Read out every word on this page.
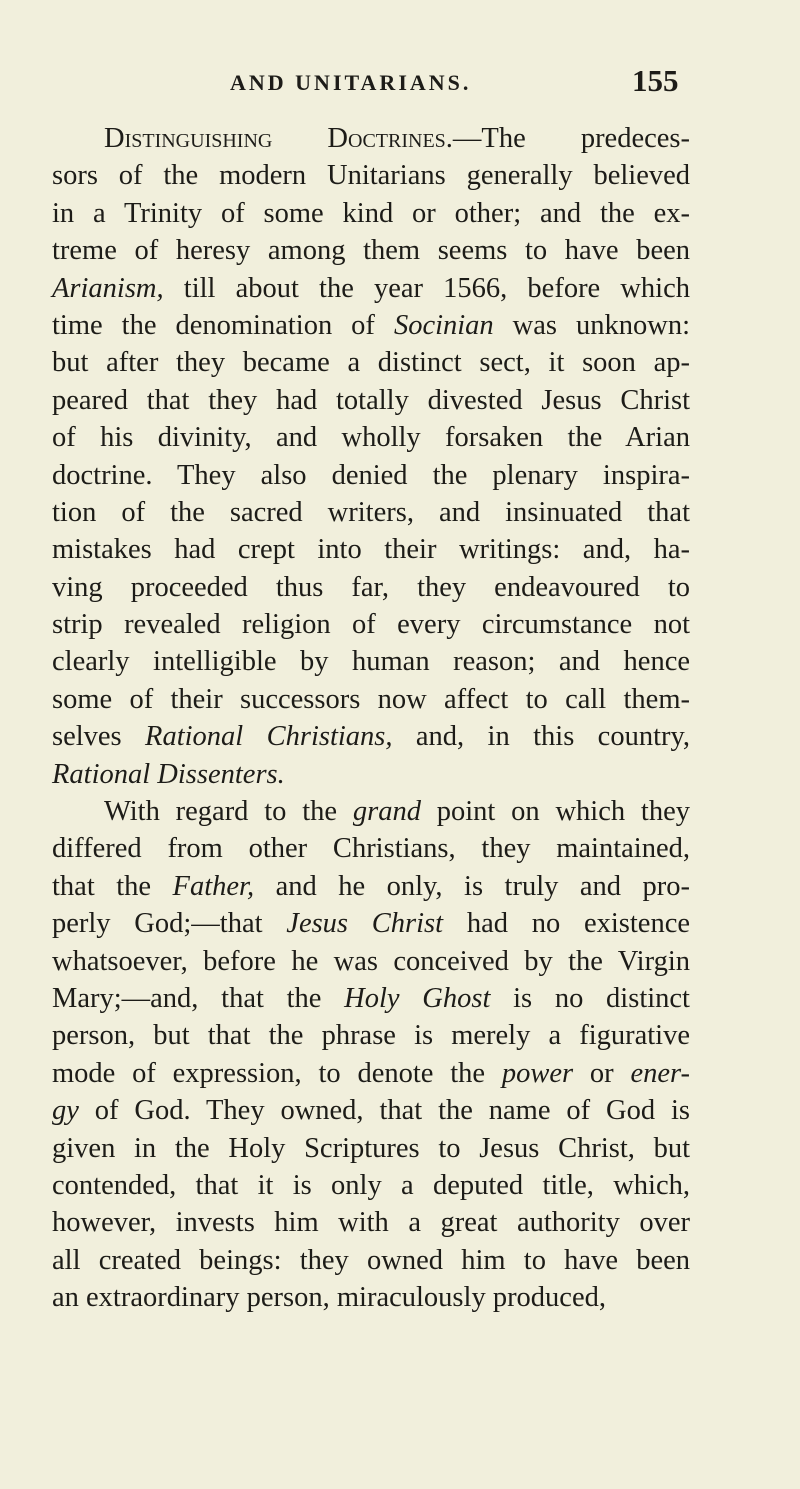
AND UNITARIANS.	155
Distinguishing Doctrines.—The predeces-
sors of the modern Unitarians generally believed
in a Trinity of some kind or other; and the ex-
treme of heresy among them seems to have been
Arianism, till about the year 1566, before which
time the denomination of Socinian was unknown:
but after they became a distinct sect, it soon ap-
peared that they had totally divested Jesus Christ
of his divinity, and wholly forsaken the Arian
doctrine. They also denied the plenary inspira-
tion of the sacred writers, and insinuated that
mistakes had crept into their writings: and, ha-
ving proceeded thus far, they endeavoured to
strip revealed religion of every circumstance not
clearly intelligible by human reason; and hence
some of their successors now affect to call them-
selves Rational Christians, and, in this country,
Rational Dissenters.
With regard to the grand point on which they
differed from other Christians, they maintained,
that the Father, and he only, is truly and pro-
perly God;—that Jesus Christ had no existence
whatsoever, before he was conceived by the Virgin
Mary;—and, that the Holy Ghost is no distinct
person, but that the phrase is merely a figurative
mode of expression, to denote the power or ener-
gy of God. They owned, that the name of God is
given in the Holy Scriptures to Jesus Christ, but
contended, that it is only a deputed title, which,
however, invests him with a great authority over
all created beings: they owned him to have been
an extraordinary person, miraculously produced,
